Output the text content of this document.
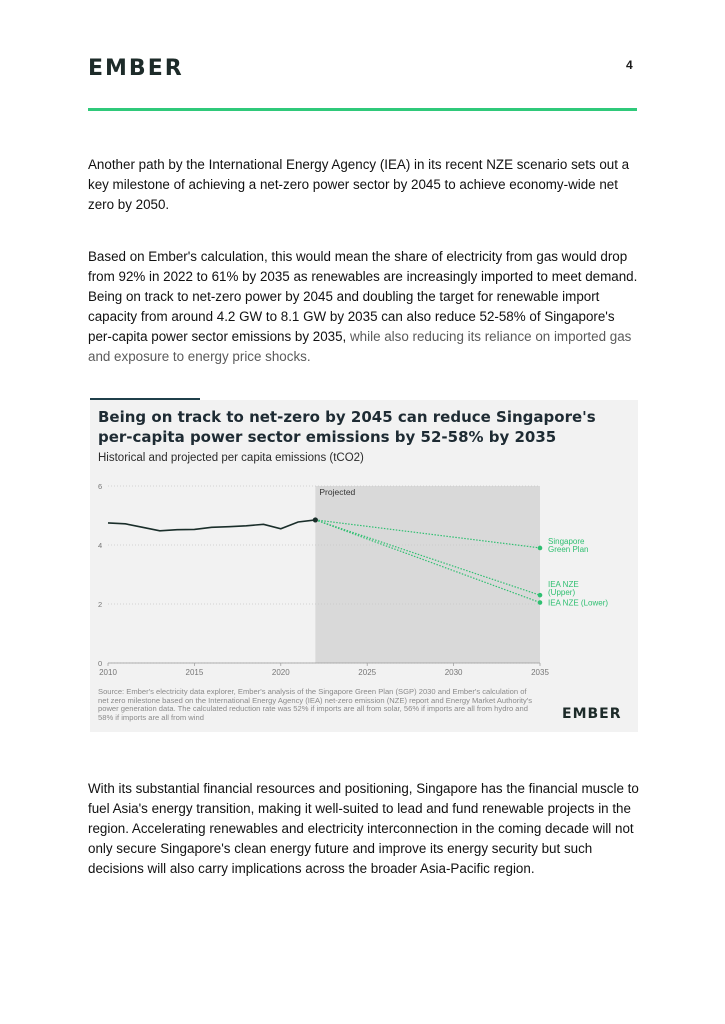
EMBER	4

Another path by the International Energy Agency (IEA) in its recent NZE scenario sets out a key milestone of achieving a net-zero power sector by 2045 to achieve economy-wide net zero by 2050.

Based on Ember's calculation, this would mean the share of electricity from gas would drop from 92% in 2022 to 61% by 2035 as renewables are increasingly imported to meet demand. Being on track to net-zero power by 2045 and doubling the target for renewable import capacity from around 4.2 GW to 8.1 GW by 2035 can also reduce 52-58% of Singapore's per-capita power sector emissions by 2035, while also reducing its reliance on imported gas and exposure to energy price shocks.

Being on track to net-zero by 2045 can reduce Singapore's per-capita power sector emissions by 52-58% by 2035
Historical and projected per capita emissions (tCO2)
Projected
0
2
4
6
2010	2015	2020	2025	2030	2035
Singapore Green Plan
IEA NZE (Upper)
IEA NZE (Lower)
Source: Ember's electricity data explorer, Ember's analysis of the Singapore Green Plan (SGP) 2030 and Ember's calculation of net zero milestone based on the International Energy Agency (IEA) net-zero emission (NZE) report and Energy Market Authority's power generation data. The calculated reduction rate was 52% if imports are all from solar, 56% if imports are all from hydro and 58% if imports are all from wind	EMBER

With its substantial financial resources and positioning, Singapore has the financial muscle to fuel Asia's energy transition, making it well-suited to lead and fund renewable projects in the region. Accelerating renewables and electricity interconnection in the coming decade will not only secure Singapore's clean energy future and improve its energy security but such decisions will also carry implications across the broader Asia-Pacific region.
